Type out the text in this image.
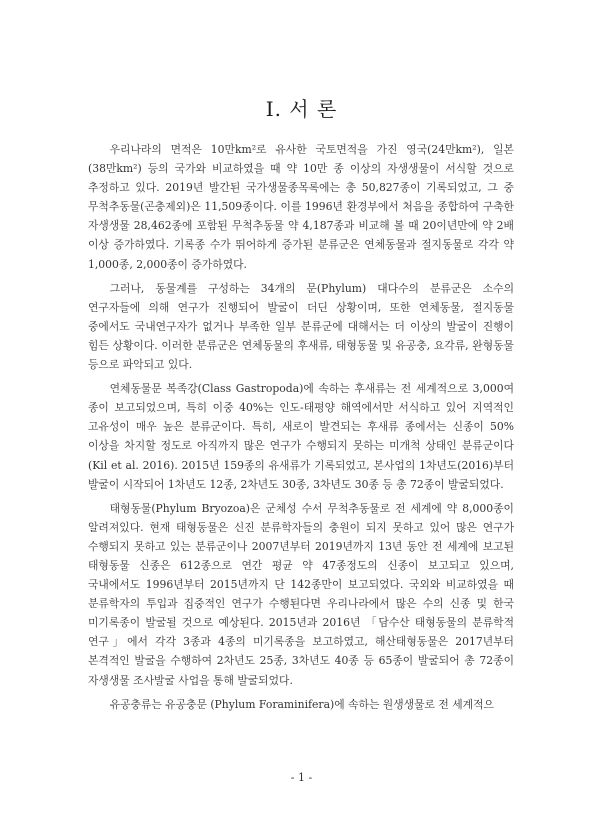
Ⅰ. 서 론

우리나라의 면적은 10만km²로 유사한 국토면적을 가진 영국(24만km²), 일본(38만km²) 등의 국가와 비교하였을 때 약 10만 종 이상의 자생생물이 서식할 것으로 추정하고 있다. 2019년 발간된 국가생물종목록에는 총 50,827종이 기록되었고, 그 중 무척추동물(곤충제외)은 11,509종이다. 이를 1996년 환경부에서 처음을 종합하여 구축한 자생생물 28,462종에 포함된 무척추동물 약 4,187종과 비교해 볼 때 20이년만에 약 2배 이상 증가하였다. 기록종 수가 뛰어하게 증가된 분류군은 연체동물과 절지동물로 각각 약 1,000종, 2,000종이 증가하였다.

그러나, 동물계를 구성하는 34개의 문(Phylum) 대다수의 분류군은 소수의 연구자들에 의해 연구가 진행되어 발굴이 더딘 상황이며, 또한 연체동물, 절지동물 중에서도 국내연구자가 없거나 부족한 일부 분류군에 대해서는 더 이상의 발굴이 진행이 힘든 상황이다. 이러한 분류군은 연체동물의 후새류, 태형동물 및 유공충, 요각류, 완형동물 등으로 파악되고 있다.

연체동물문 복족강(Class Gastropoda)에 속하는 후새류는 전 세계적으로 3,000여 종이 보고되었으며, 특히 이중 40%는 인도-태평양 해역에서만 서식하고 있어 지역적인 고유성이 매우 높은 분류군이다. 특히, 새로이 발견되는 후새류 종에서는 신종이 50% 이상을 차지할 정도로 아직까지 많은 연구가 수행되지 못하는 미개척 상태인 분류군이다(Kil et al. 2016). 2015년 159종의 유새류가 기록되었고, 본사업의 1차년도(2016)부터 발굴이 시작되어 1차년도 12종, 2차년도 30종, 3차년도 30종 등 총 72종이 발굴되었다.

태형동물(Phylum Bryozoa)은 군체성 수서 무척추동물로 전 세계에 약 8,000종이 알려져있다. 현재 태형동물은 신진 분류학자들의 충원이 되지 못하고 있어 많은 연구가 수행되지 못하고 있는 분류군이나 2007년부터 2019년까지 13년 동안 전 세계에 보고된 태형동물 신종은 612종으로 연간 평균 약 47종정도의 신종이 보고되고 있으며, 국내에서도 1996년부터 2015년까지 단 142종만이 보고되었다. 국외와 비교하였을 때 분류학자의 투입과 집중적인 연구가 수행된다면 우리나라에서 많은 수의 신종 및 한국 미기록종이 발굴될 것으로 예상된다. 2015년과 2016년 「담수산 태형동물의 분류학적 연구」에서 각각 3종과 4종의 미기록종을 보고하였고, 해산태형동물은 2017년부터 본격적인 발굴을 수행하여 2차년도 25종, 3차년도 40종 등 65종이 발굴되어 총 72종이 자생생물 조사발굴 사업을 통해 발굴되었다.

유공충류는 유공충문 (Phylum Foraminifera)에 속하는 원생생물로 전 세계적으

- 1 -
